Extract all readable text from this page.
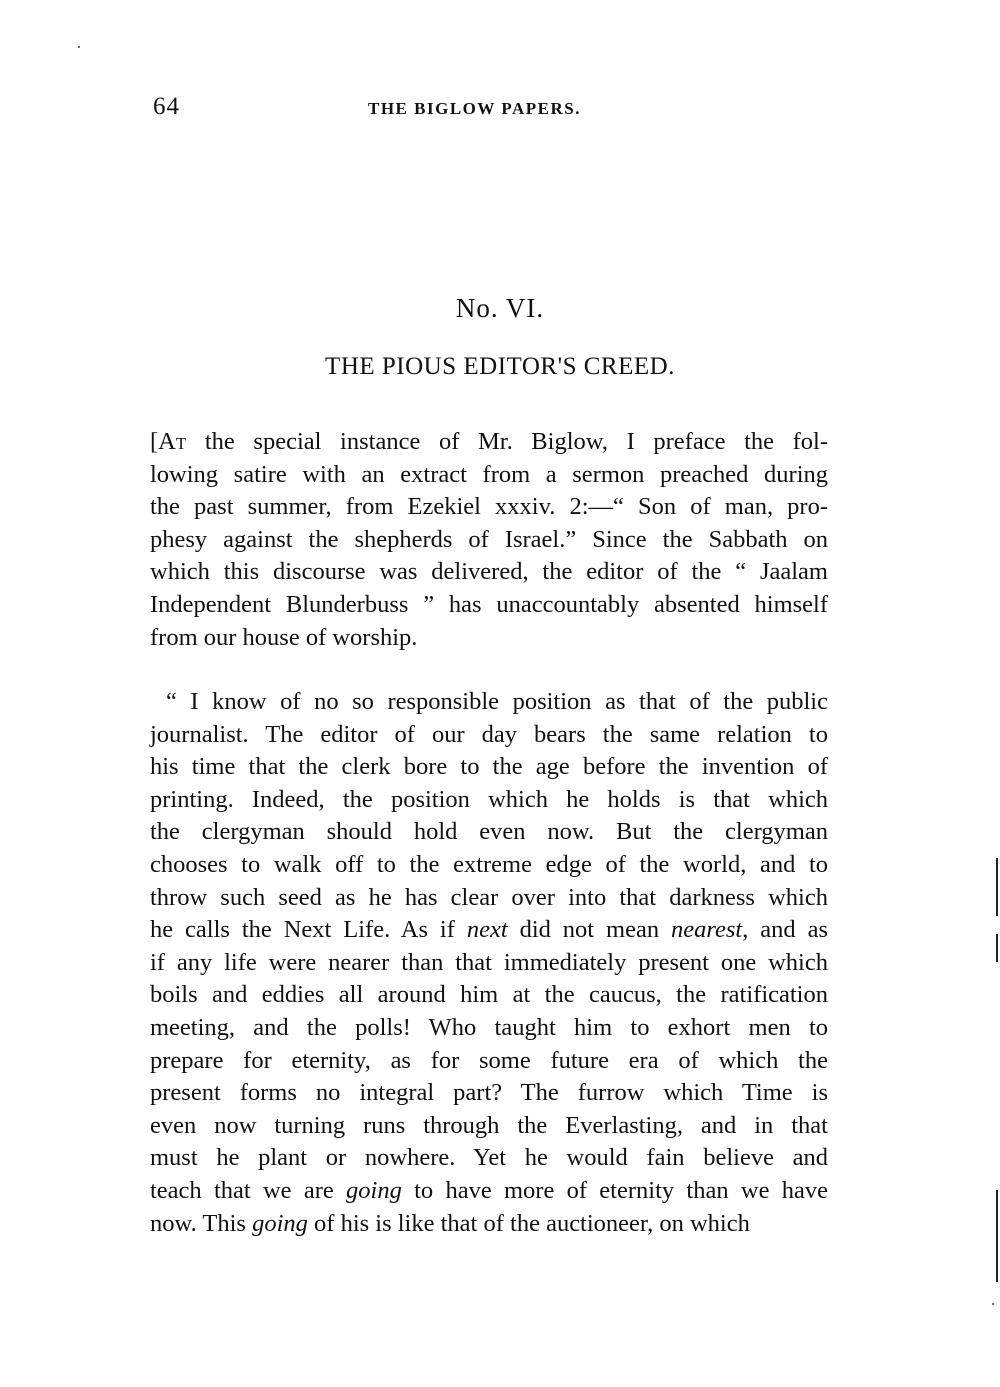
64	THE BIGLOW PAPERS.
No. VI.
THE PIOUS EDITOR'S CREED.
[At the special instance of Mr. Biglow, I preface the fol-
lowing satire with an extract from a sermon preached during
the past summer, from Ezekiel xxxiv. 2:—“ Son of man, pro-
phesy against the shepherds of Israel.” Since the Sabbath on
which this discourse was delivered, the editor of the “ Jaalam
Independent Blunderbuss ” has unaccountably absented himself
from our house of worship.
“ I know of no so responsible position as that of the public
journalist. The editor of our day bears the same relation to
his time that the clerk bore to the age before the invention of
printing. Indeed, the position which he holds is that which
the clergyman should hold even now. But the clergyman
chooses to walk off to the extreme edge of the world, and to
throw such seed as he has clear over into that darkness which
he calls the Next Life. As if next did not mean nearest, and as
if any life were nearer than that immediately present one which
boils and eddies all around him at the caucus, the ratification
meeting, and the polls! Who taught him to exhort men to
prepare for eternity, as for some future era of which the
present forms no integral part? The furrow which Time is
even now turning runs through the Everlasting, and in that
must he plant or nowhere. Yet he would fain believe and
teach that we are going to have more of eternity than we have
now. This going of his is like that of the auctioneer, on which
